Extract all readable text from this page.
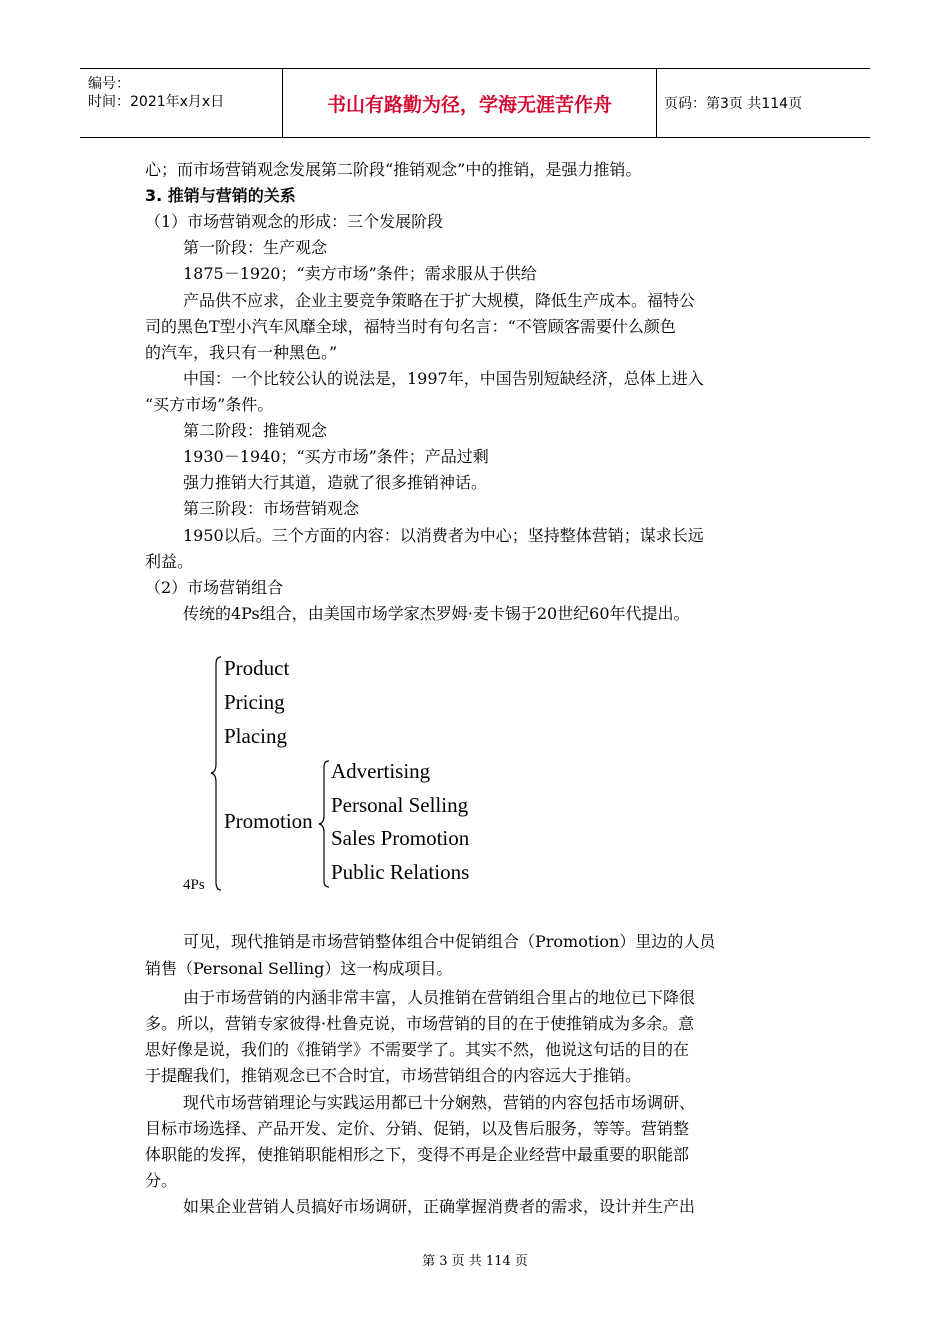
编号：
时间：2021年x月x日	书山有路勤为径，学海无涯苦作舟	页码：第3页 共114页
心；而市场营销观念发展第二阶段“推销观念”中的推销，是强力推销。
3. 推销与营销的关系
（1）市场营销观念的形成：三个发展阶段
第一阶段：生产观念
1875－1920；“卖方市场”条件；需求服从于供给
产品供不应求，企业主要竞争策略在于扩大规模，降低生产成本。福特公
司的黑色T型小汽车风靡全球，福特当时有句名言：“不管顾客需要什么颜色
的汽车，我只有一种黑色。”
中国：一个比较公认的说法是，1997年，中国告别短缺经济，总体上进入
“买方市场”条件。
第二阶段：推销观念
1930－1940；“买方市场”条件；产品过剩
强力推销大行其道，造就了很多推销神话。
第三阶段：市场营销观念
1950以后。三个方面的内容：以消费者为中心；坚持整体营销；谋求长远
利益。
（2）市场营销组合
传统的4Ps组合，由美国市场学家杰罗姆·麦卡锡于20世纪60年代提出。
Product
Pricing
Placing
Promotion
Advertising
Personal Selling
Sales Promotion
Public Relations
4Ps
可见，现代推销是市场营销整体组合中促销组合（Promotion）里边的人员
销售（Personal Selling）这一构成项目。
由于市场营销的内涵非常丰富，人员推销在营销组合里占的地位已下降很
多。所以，营销专家彼得·杜鲁克说，市场营销的目的在于使推销成为多余。意
思好像是说，我们的《推销学》不需要学了。其实不然，他说这句话的目的在
于提醒我们，推销观念已不合时宜，市场营销组合的内容远大于推销。
现代市场营销理论与实践运用都已十分娴熟，营销的内容包括市场调研、
目标市场选择、产品开发、定价、分销、促销，以及售后服务，等等。营销整
体职能的发挥，使推销职能相形之下，变得不再是企业经营中最重要的职能部
分。
如果企业营销人员搞好市场调研，正确掌握消费者的需求，设计并生产出
第 3 页 共 114 页
